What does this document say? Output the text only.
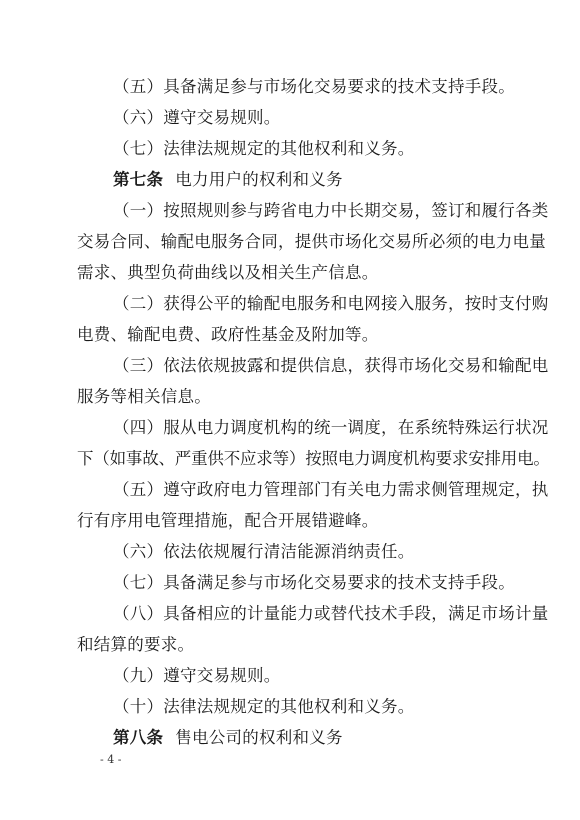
（五）具备满足参与市场化交易要求的技术支持手段。
（六）遵守交易规则。
（七）法律法规规定的其他权利和义务。
第七条 电力用户的权利和义务
（一）按照规则参与跨省电力中长期交易，签订和履行各类
交易合同、输配电服务合同，提供市场化交易所必须的电力电量
需求、典型负荷曲线以及相关生产信息。
（二）获得公平的输配电服务和电网接入服务，按时支付购
电费、输配电费、政府性基金及附加等。
（三）依法依规披露和提供信息，获得市场化交易和输配电
服务等相关信息。
（四）服从电力调度机构的统一调度，在系统特殊运行状况
下（如事故、严重供不应求等）按照电力调度机构要求安排用电。
（五）遵守政府电力管理部门有关电力需求侧管理规定，执
行有序用电管理措施，配合开展错避峰。
（六）依法依规履行清洁能源消纳责任。
（七）具备满足参与市场化交易要求的技术支持手段。
（八）具备相应的计量能力或替代技术手段，满足市场计量
和结算的要求。
（九）遵守交易规则。
（十）法律法规规定的其他权利和义务。
第八条 售电公司的权利和义务
- 4 -
